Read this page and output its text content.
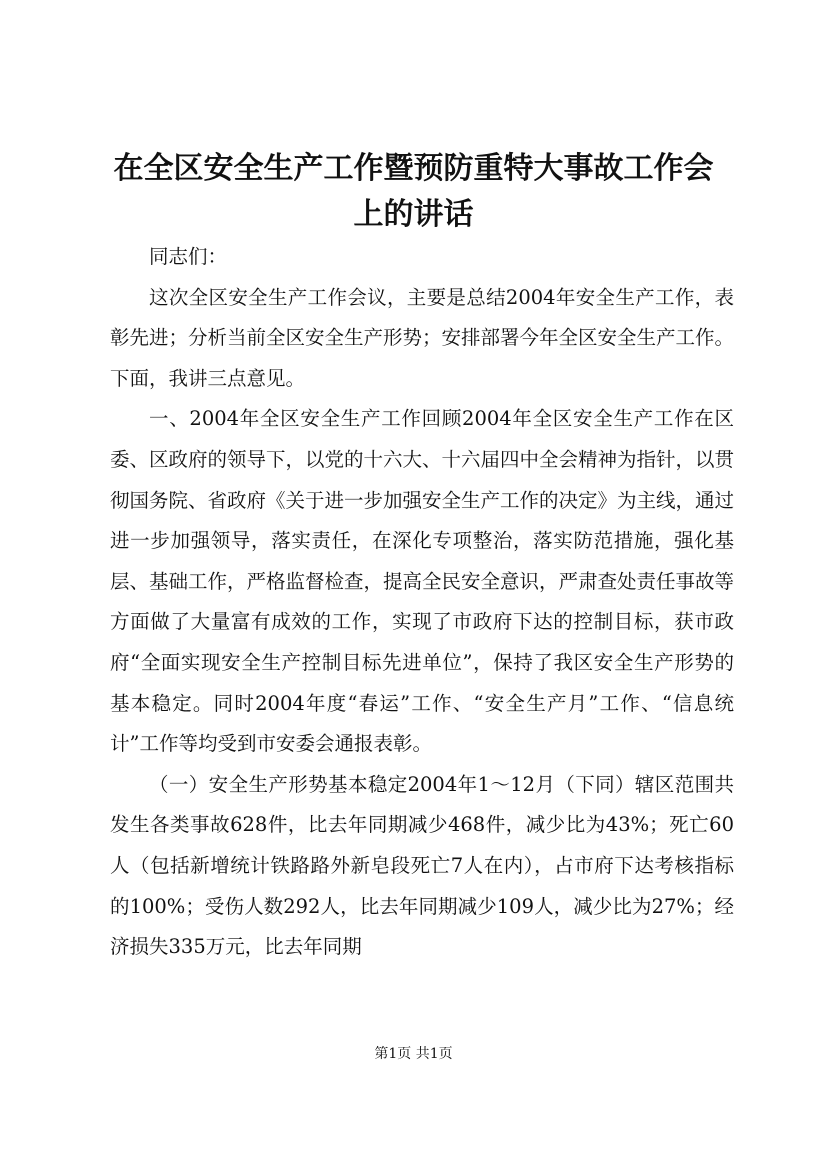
在全区安全生产工作暨预防重特大事故工作会上的讲话

同志们：

这次全区安全生产工作会议，主要是总结2004年安全生产工作，表彰先进；分析当前全区安全生产形势；安排部署今年全区安全生产工作。下面，我讲三点意见。

一、2004年全区安全生产工作回顾2004年全区安全生产工作在区委、区政府的领导下，以党的十六大、十六届四中全会精神为指针，以贯彻国务院、省政府《关于进一步加强安全生产工作的决定》为主线，通过进一步加强领导，落实责任，在深化专项整治，落实防范措施，强化基层、基础工作，严格监督检查，提高全民安全意识，严肃查处责任事故等方面做了大量富有成效的工作，实现了市政府下达的控制目标，获市政府“全面实现安全生产控制目标先进单位”，保持了我区安全生产形势的基本稳定。同时2004年度“春运”工作、“安全生产月”工作、“信息统计”工作等均受到市安委会通报表彰。

（一）安全生产形势基本稳定2004年1～12月（下同）辖区范围共发生各类事故628件，比去年同期减少468件，减少比为43%；死亡60人（包括新增统计铁路路外新皂段死亡7人在内），占市府下达考核指标的100%；受伤人数292人，比去年同期减少109人，减少比为27%；经济损失335万元，比去年同期

第1页 共1页
